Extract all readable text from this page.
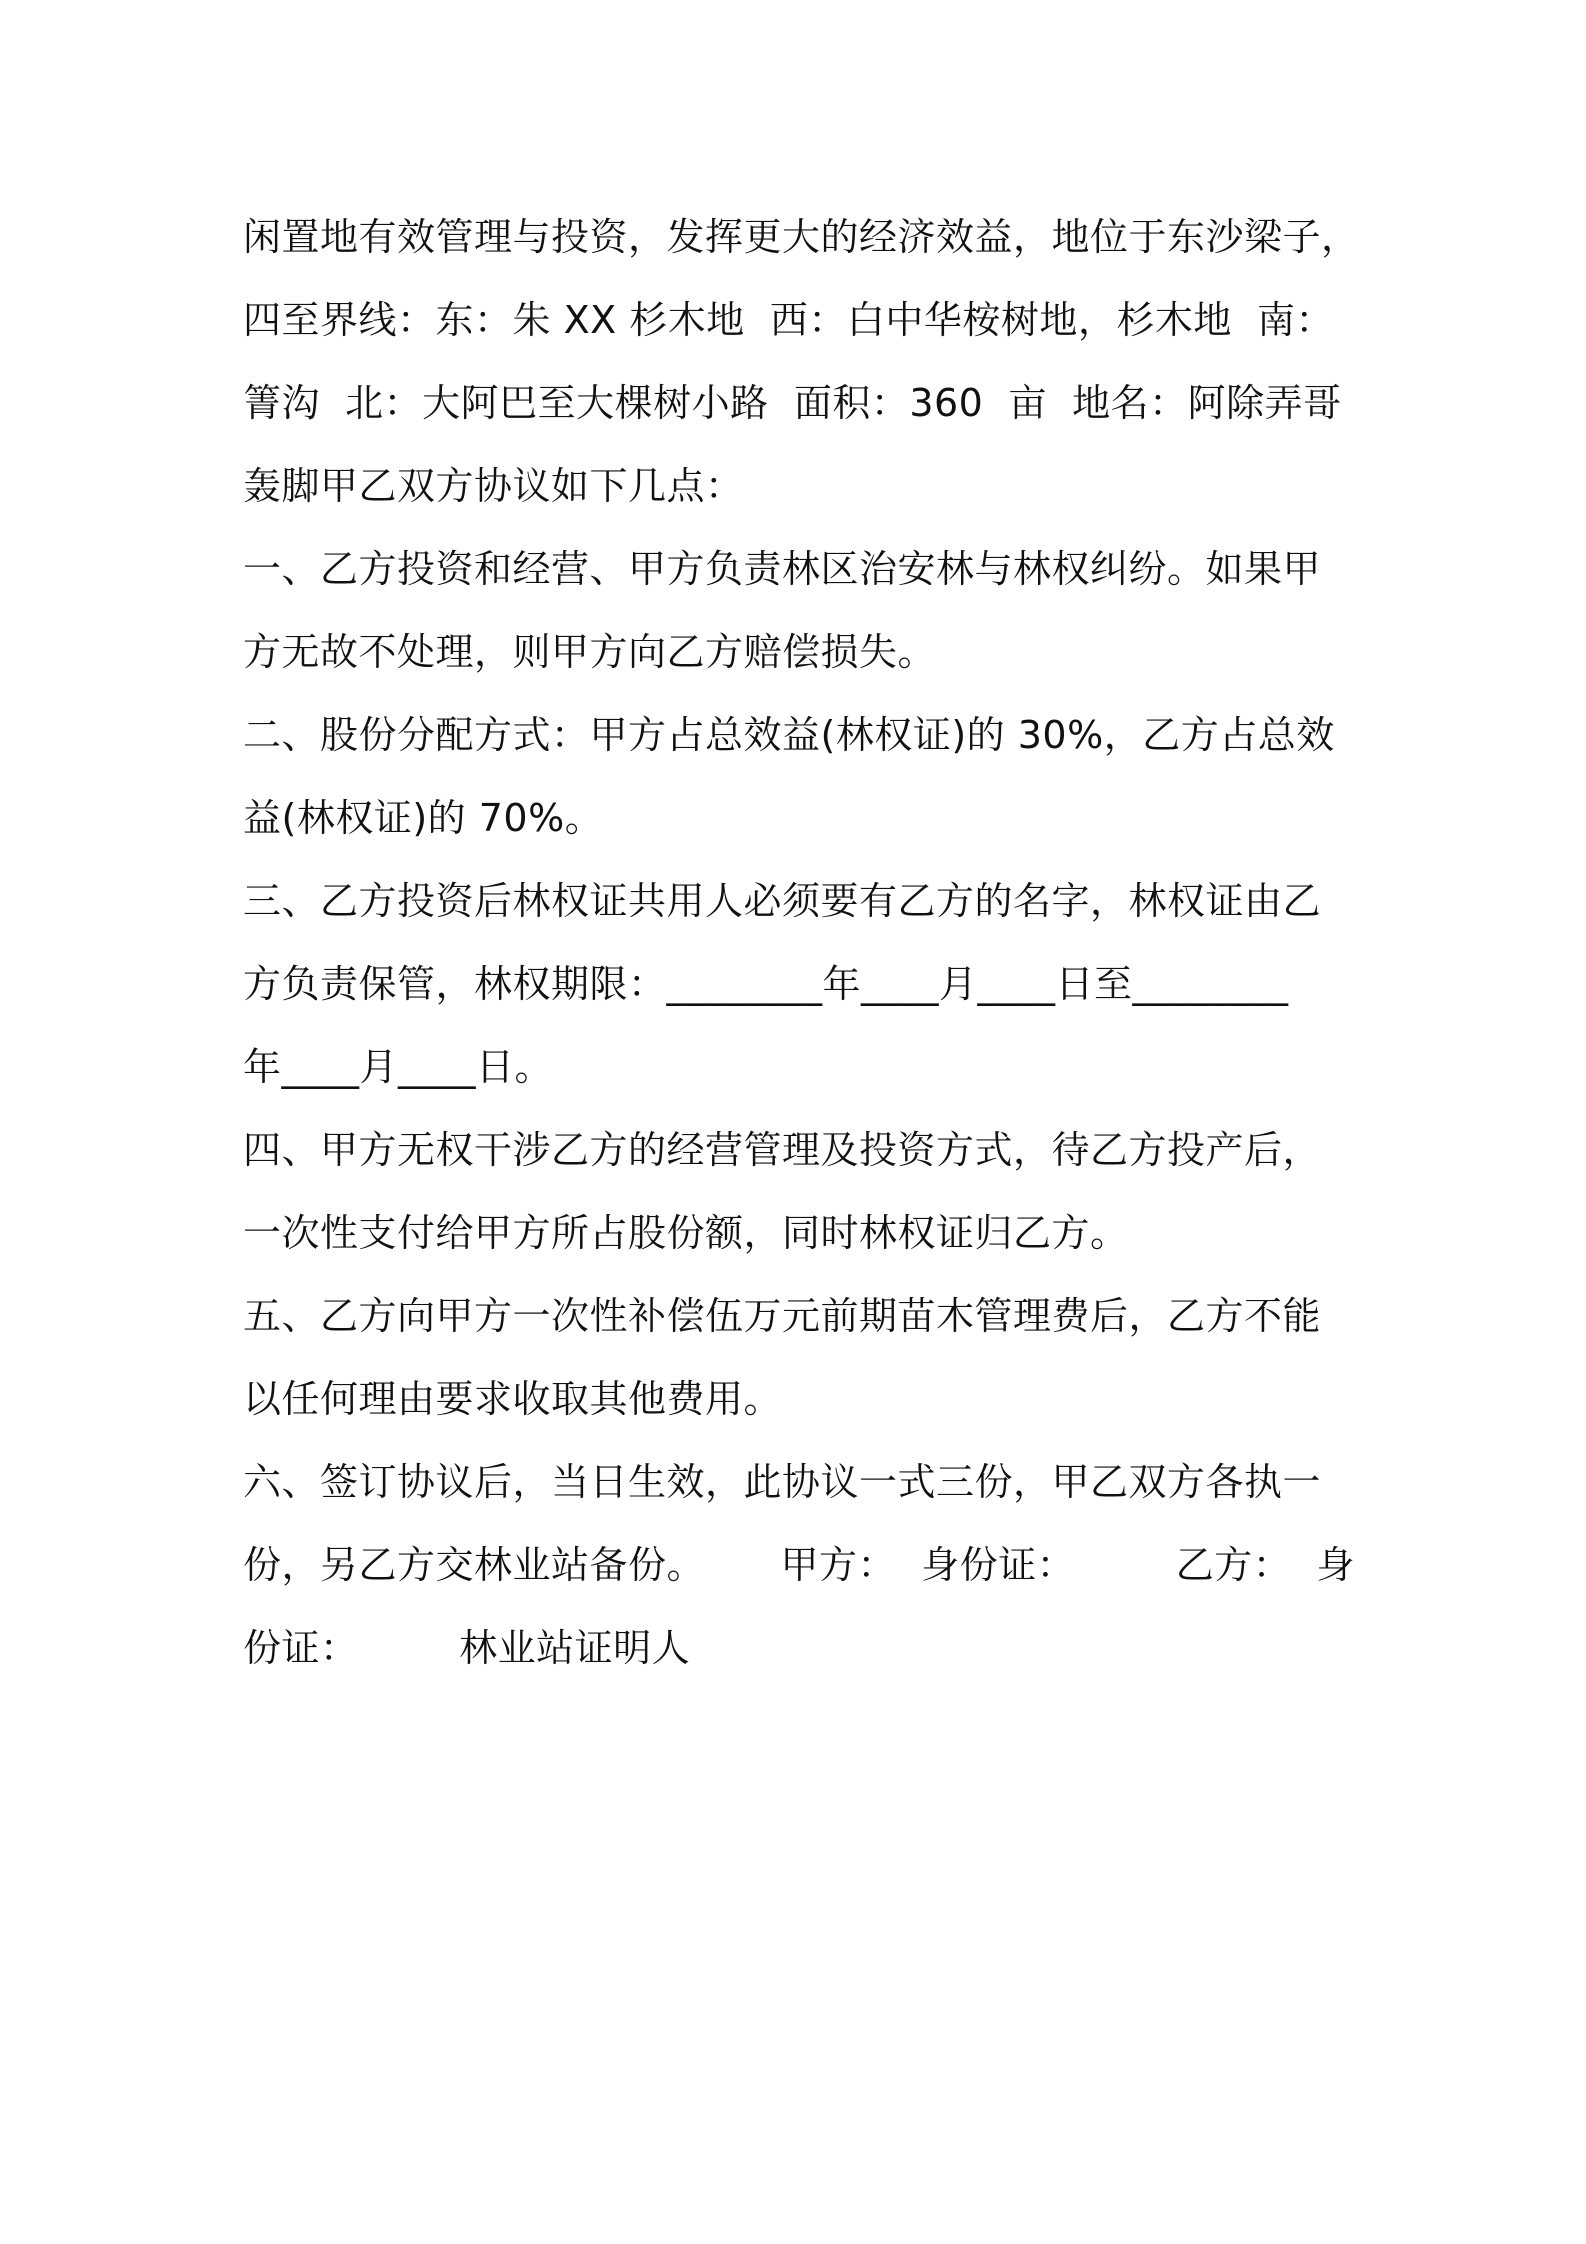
闲置地有效管理与投资，发挥更大的经济效益，地位于东沙梁子，
四至界线：东：朱 XX 杉木地  西：白中华桉树地，杉木地  南：
箐沟  北：大阿巴至大棵树小路  面积：360  亩  地名：阿除弄哥
轰脚甲乙双方协议如下几点：
一、乙方投资和经营、甲方负责林区治安林与林权纠纷。如果甲
方无故不处理，则甲方向乙方赔偿损失。
二、股份分配方式：甲方占总效益(林权证)的 30%，乙方占总效
益(林权证)的 70%。
三、乙方投资后林权证共用人必须要有乙方的名字，林权证由乙
方负责保管，林权期限：________年____月____日至________
年____月____日。
四、甲方无权干涉乙方的经营管理及投资方式，待乙方投产后，
一次性支付给甲方所占股份额，同时林权证归乙方。
五、乙方向甲方一次性补偿伍万元前期苗木管理费后，乙方不能
以任何理由要求收取其他费用。
六、签订协议后，当日生效，此协议一式三份，甲乙双方各执一
份，另乙方交林业站备份。      甲方：  身份证：        乙方：  身
份证：        林业站证明人
